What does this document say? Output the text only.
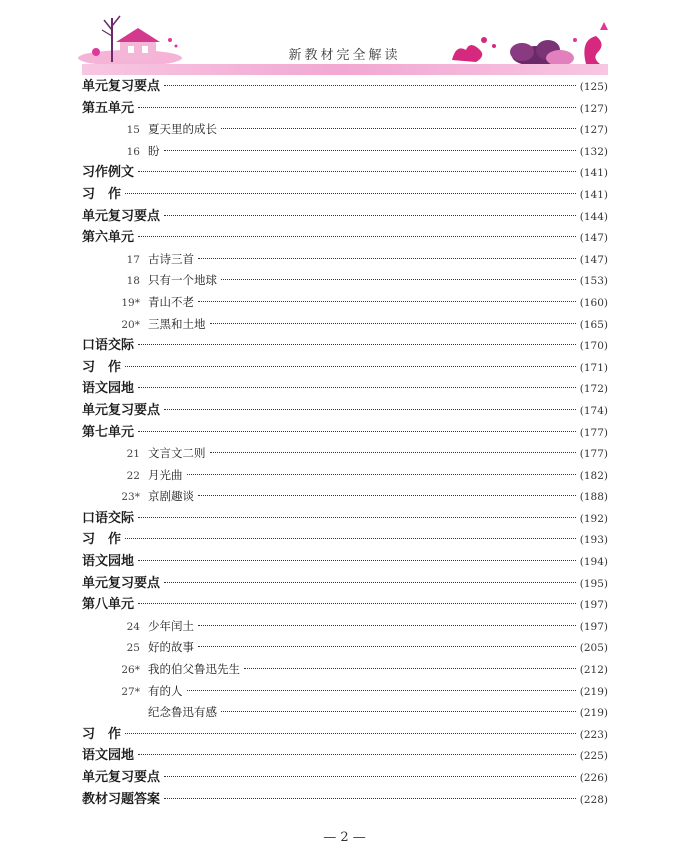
新教材完全解读
单元复习要点	(125)
第五单元	(127)
15 夏天里的成长	(127)
16 盼	(132)
习作例文	(141)
习　作	(141)
单元复习要点	(144)
第六单元	(147)
17 古诗三首	(147)
18 只有一个地球	(153)
19* 青山不老	(160)
20* 三黑和土地	(165)
口语交际	(170)
习　作	(171)
语文园地	(172)
单元复习要点	(174)
第七单元	(177)
21 文言文二则	(177)
22 月光曲	(182)
23* 京剧趣谈	(188)
口语交际	(192)
习　作	(193)
语文园地	(194)
单元复习要点	(195)
第八单元	(197)
24 少年闰土	(197)
25 好的故事	(205)
26* 我的伯父鲁迅先生	(212)
27* 有的人	(219)
纪念鲁迅有感	(219)
习　作	(223)
语文园地	(225)
单元复习要点	(226)
教材习题答案	(228)
— 2 —
